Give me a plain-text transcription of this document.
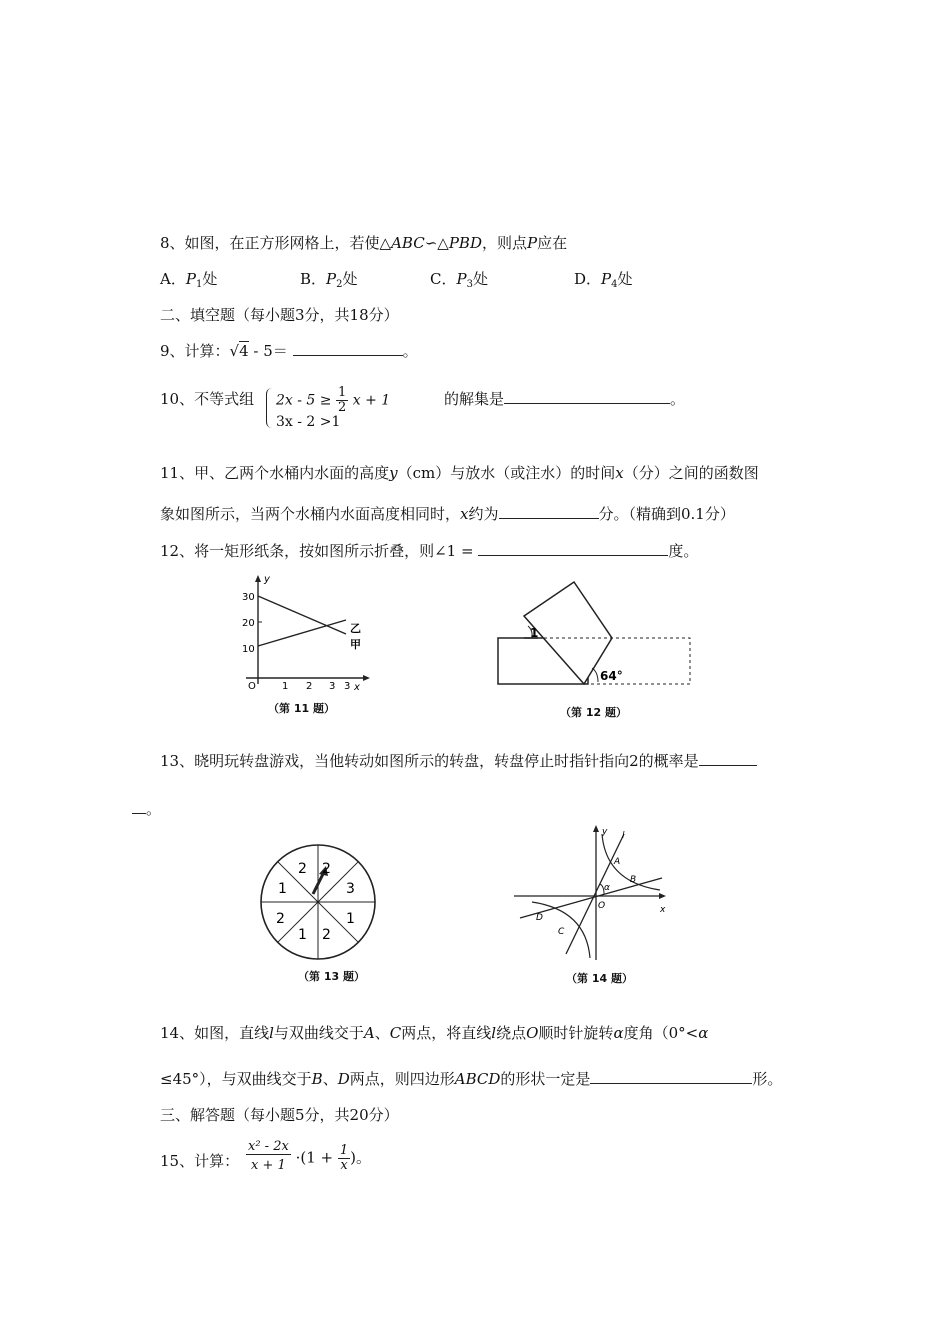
8、如图，在正方形网格上，若使△ABC∽△PBD，则点P应在
A．$P_1$处	B．$P_2$处	C．$P_3$处	D．$P_4$处
二、填空题（每小题3分，共18分）
9、计算：√4 - 5＝	。
10、不等式组 $2x - 5 \ge \frac{1}{2}$ x + 1
3x - 2 >1
的解集是	。
11、甲、乙两个水桶内水面的高度y（cm）与放水（或注水）的时间x（分）之间的函数图
象如图所示，当两个水桶内水面高度相同时，x约为	分。（精确到0.1分）
12、将一矩形纸条，按如图所示折叠，则∠1 =	度。
y
x
O
30
20
10
1 2 3 3
乙
甲
（第 11 题）
1
64°
（第 12 题）
13、晓明玩转盘游戏，当他转动如图所示的转盘，转盘停止时指针指向2的概率是
。
2
3
1
2
1
2
1
2
（第 13 题）
y
x
l
A
B
C
D
O
α
（第 14 题）
14、如图，直线l与双曲线交于A、C两点，将直线l绕点O顺时针旋转α度角（0°<α
≤45°），与双曲线交于B、D两点，则四边形ABCD的形状一定是	形。
三、解答题（每小题5分，共20分）
15、计算： $\frac{\text{x² - 2x}}{x + 1} \cdot(1 + \frac{1}{x}$ )。
